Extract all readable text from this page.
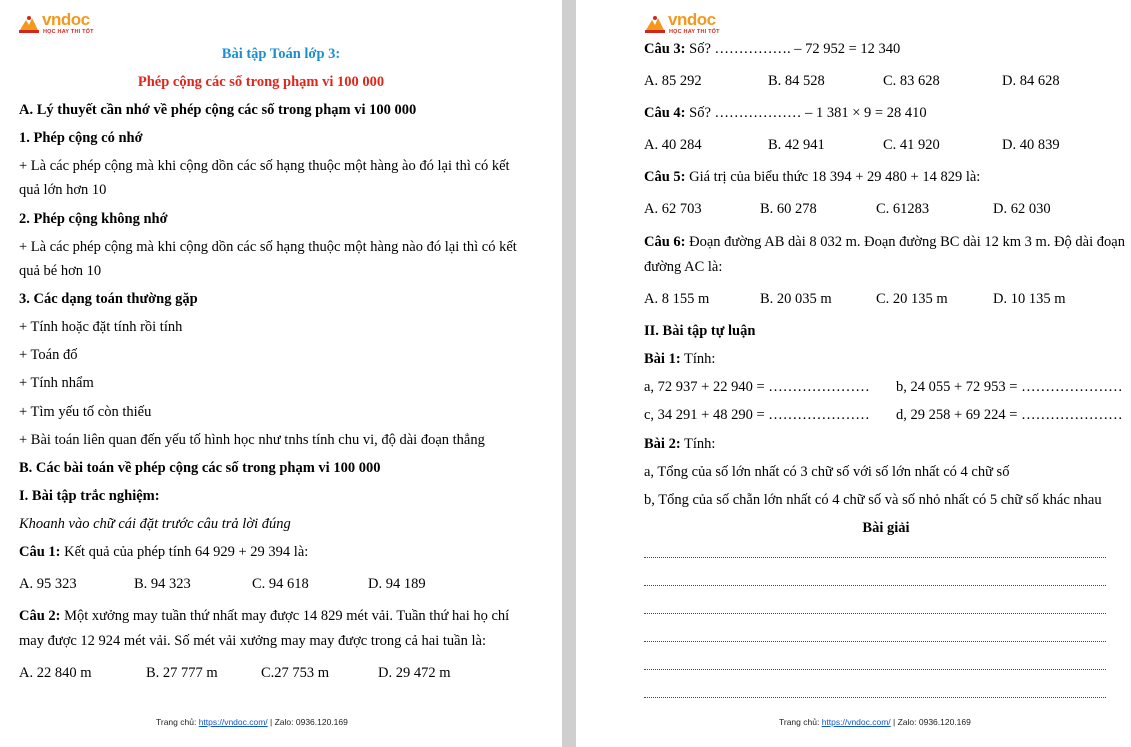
vndoc
HỌC HAY THI TỐT
Bài tập Toán lớp 3:
Phép cộng các số trong phạm vi 100 000
A. Lý thuyết cần nhớ về phép cộng các số trong phạm vi 100 000
1. Phép cộng có nhớ
+ Là các phép cộng mà khi cộng dồn các số hạng thuộc một hàng ào đó lại thì có kết
quả lớn hơn 10
2. Phép cộng không nhớ
+ Là các phép cộng mà khi cộng dồn các số hạng thuộc một hàng nào đó lại thì có kết
quả bé hơn 10
3. Các dạng toán thường gặp
+ Tính hoặc đặt tính rồi tính
+ Toán đố
+ Tính nhẩm
+ Tìm yếu tố còn thiếu
+ Bài toán liên quan đến yếu tố hình học như tnhs tính chu vi, độ dài đoạn thẳng
B. Các bài toán về phép cộng các số trong phạm vi 100 000
I. Bài tập trắc nghiệm:
Khoanh vào chữ cái đặt trước câu trả lời đúng
Câu 1: Kết quả của phép tính 64 929 + 29 394 là:
A. 95 323	B. 94 323	C. 94 618	D. 94 189
Câu 2: Một xưởng may tuần thứ nhất may được 14 829 mét vải. Tuần thứ hai họ chí
may được 12 924 mét vải. Số mét vải xưởng may may được trong cả hai tuần là:
A. 22 840 m	B. 27 777 m	C.27 753 m	D. 29 472 m
Trang chủ: https://vndoc.com/ | Zalo: 0936.120.169
vndoc
HỌC HAY THI TỐT
Câu 3: Số? ……………. – 72 952 = 12 340
A. 85 292	B. 84 528	C. 83 628	D. 84 628
Câu 4: Số? ……………… – 1 381 × 9 = 28 410
A. 40 284	B. 42 941	C. 41 920	D. 40 839
Câu 5: Giá trị của biểu thức 18 394 + 29 480 + 14 829 là:
A. 62 703	B. 60 278	C. 61283	D. 62 030
Câu 6: Đoạn đường AB dài 8 032 m. Đoạn đường BC dài 12 km 3 m. Độ dài đoạn
đường AC là:
A. 8 155 m	B. 20 035 m	C. 20 135 m	D. 10 135 m
II. Bài tập tự luận
Bài 1: Tính:
a, 72 937 + 22 940 = ………………… b, 24 055 + 72 953 = …………………
c, 34 291 + 48 290 = ………………… d, 29 258 + 69 224 = …………………
Bài 2: Tính:
a, Tổng của số lớn nhất có 3 chữ số với số lớn nhất có 4 chữ số
b, Tổng của số chẵn lớn nhất có 4 chữ số và số nhỏ nhất có 5 chữ số khác nhau
Bài giải
Trang chủ: https://vndoc.com/ | Zalo: 0936.120.169
